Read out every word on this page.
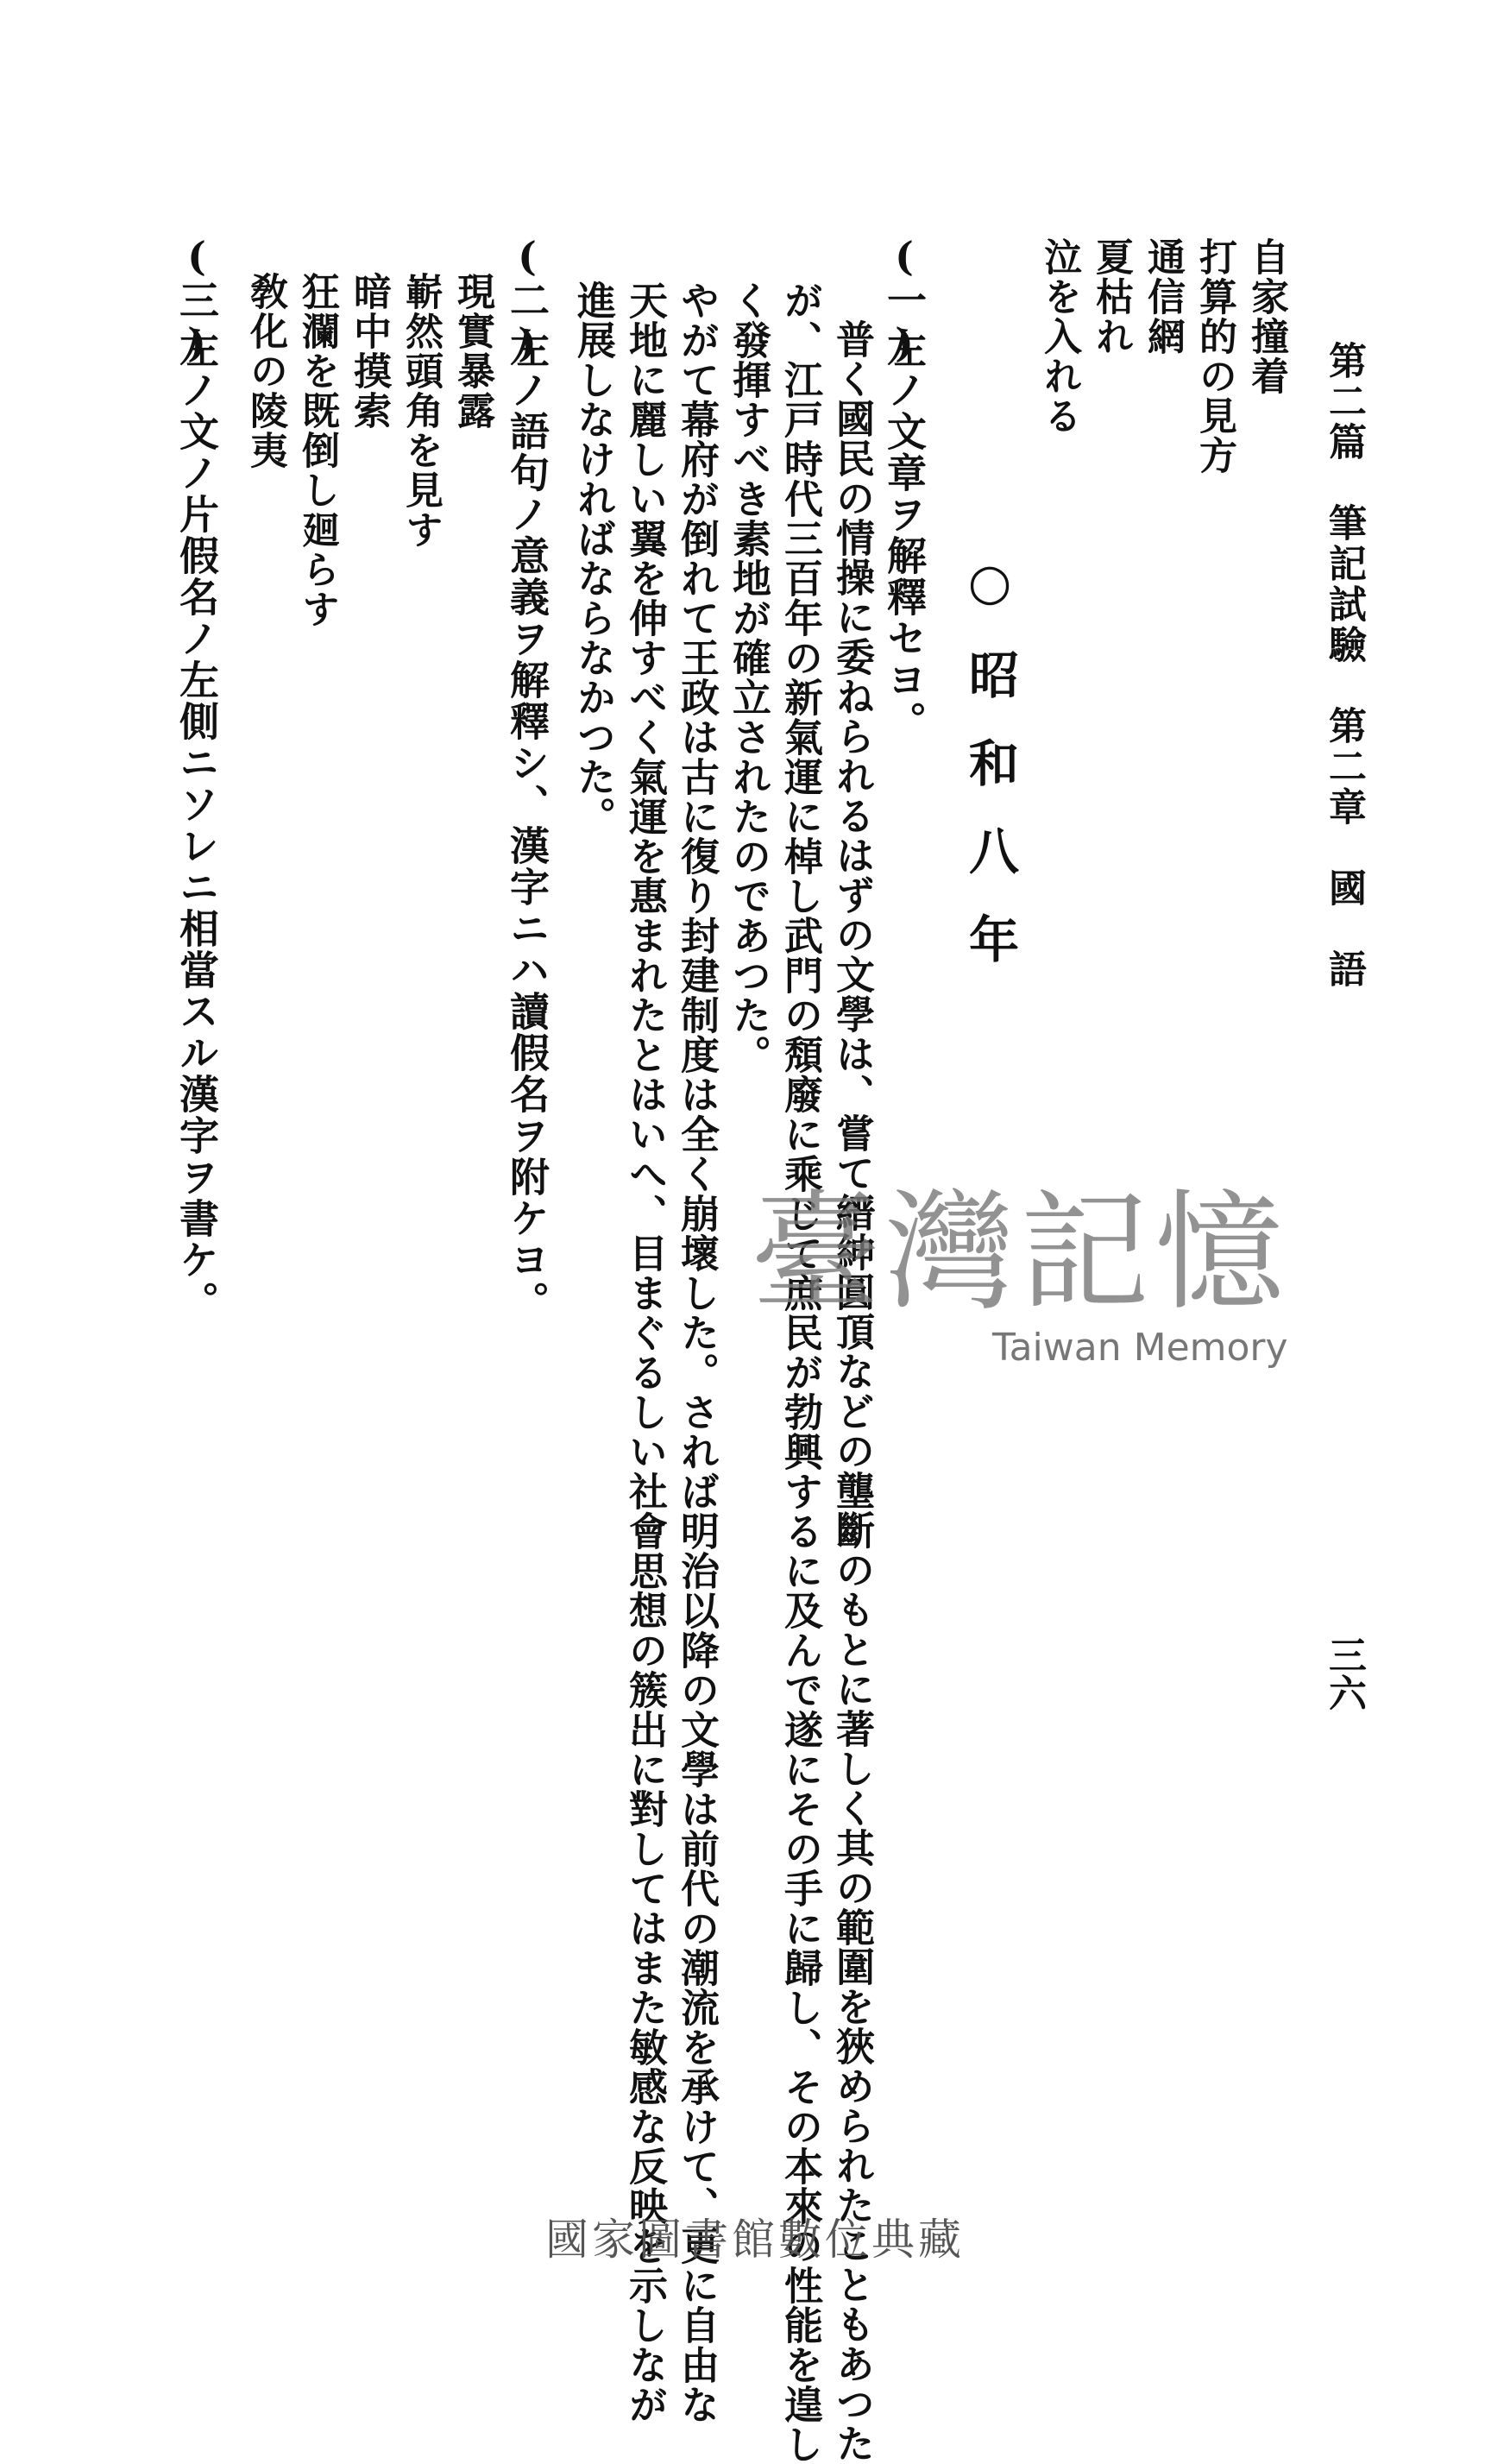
第二篇　筆記試驗　第二章　國　語
三六
自家撞着
打算的の見方
通信網
夏枯れ
泣を入れる
○昭和八年
(一)
左ノ文章ヲ解釋セヨ。
普く國民の情操に委ねられるはずの文學は、嘗て縉紳圓頂などの壟斷のもとに著しく其の範圍を狹められたこともあつた
が、江戸時代三百年の新氣運に棹し武門の頽廢に乘じて庶民が勃興するに及んで遂にその手に歸し、その本來の性能を遑し
く發揮すべき素地が確立されたのであつた。
やがて幕府が倒れて王政は古に復り封建制度は全く崩壞した。されば明治以降の文學は前代の潮流を承けて、更に自由な
天地に麗しい翼を伸すべく氣運を惠まれたとはいへ、目まぐるしい社會思想の簇出に對してはまた敏感な反映を示しなが
進展しなければならなかつた。
(二)
左ノ語句ノ意義ヲ解釋シ、漢字ニハ讀假名ヲ附ケヨ。
現實暴露
嶄然頭角を見す
暗中摸索
狂瀾を既倒し廻らす
敎化の陵夷
(三)
左ノ文ノ片假名ノ左側ニソレニ相當スル漢字ヲ書ケ。	臺灣記憶
Taiwan Memory
國家圖書館數位典藏
